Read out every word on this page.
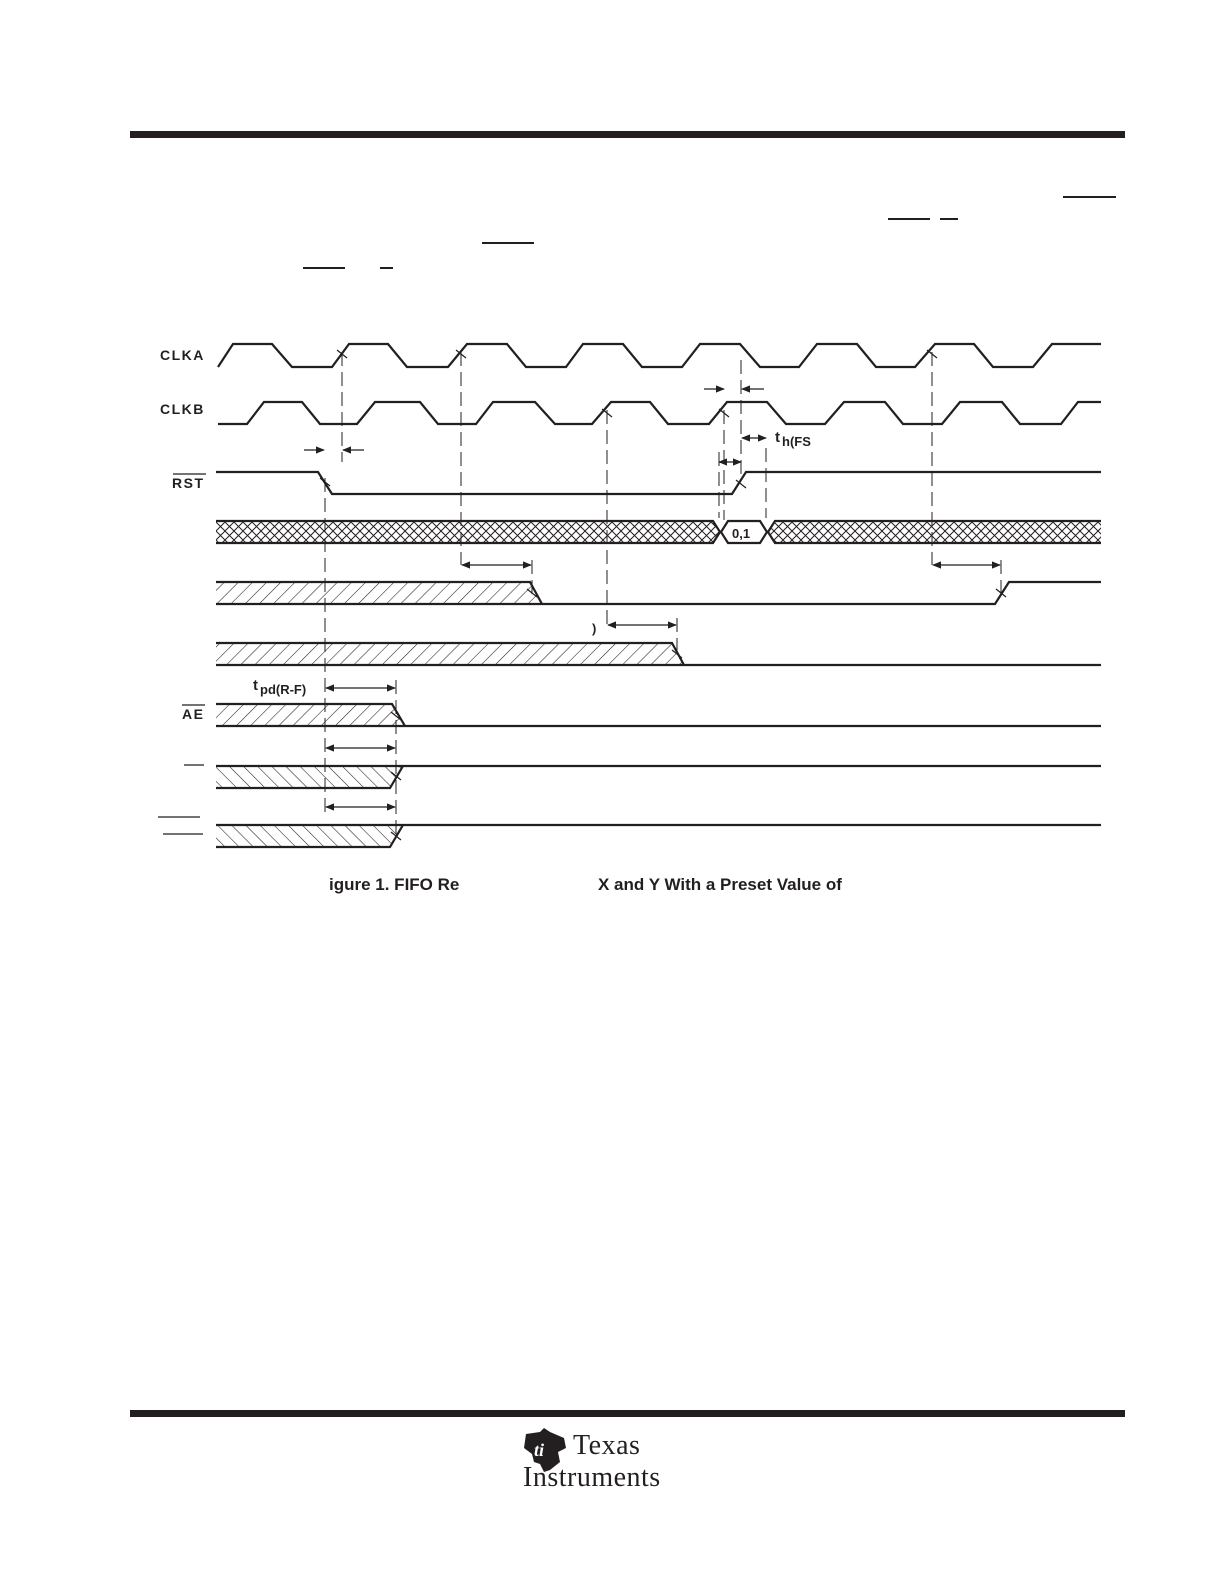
CLKA
CLKB
RST
AE
0,1
t h(FS
t pd(R-F)
)
igure 1. FIFO Re	X and Y With a Preset Value of
ti Texas
Instruments
